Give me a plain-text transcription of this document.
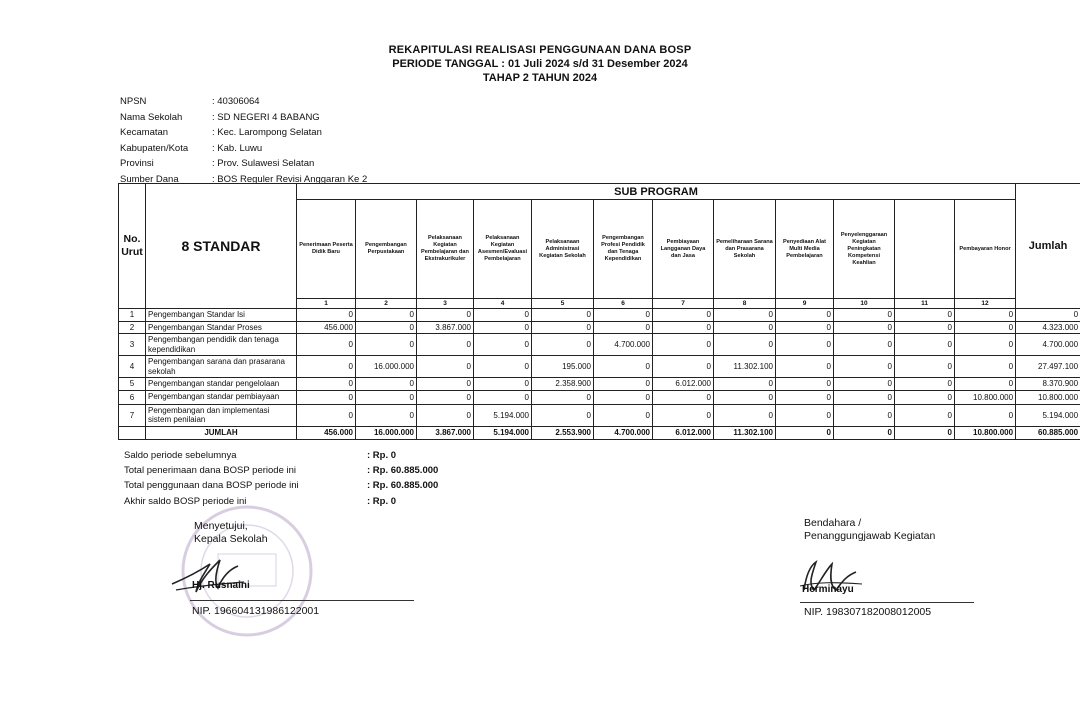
REKAPITULASI REALISASI PENGGUNAAN DANA BOSP
PERIODE TANGGAL : 01 Juli 2024 s/d 31 Desember 2024
TAHAP 2 TAHUN 2024
NPSN	: 40306064
Nama Sekolah	: SD NEGERI 4 BABANG
Kecamatan	: Kec. Larompong Selatan
Kabupaten/Kota	: Kab. Luwu
Provinsi	: Prov. Sulawesi Selatan
Sumber Dana	: BOS Reguler Revisi Anggaran Ke 2
No. Urut	8 STANDAR	SUB PROGRAM												Jumlah
		Penerimaan Peserta Didik Baru	Pengembangan Perpustakaan	Pelaksanaan Kegiatan Pembelajaran dan Ekstrakurikuler	Pelaksanaan Kegiatan Asesmen/Evaluasi Pembelajaran	Pelaksanaan Administrasi Kegiatan Sekolah	Pengembangan Profesi Pendidik dan Tenaga Kependidikan	Pembiayaan Langganan Daya dan Jasa	Pemeliharaan Sarana dan Prasarana Sekolah	Penyediaan Alat Multi Media Pembelajaran	Penyelenggaraan Kegiatan Peningkatan Kompetensi Keahlian		Pembayaran Honor	
		1	2	3	4	5	6	7	8	9	10	11	12	
1	Pengembangan Standar Isi	0	0	0	0	0	0	0	0	0	0	0	0	0
2	Pengembangan Standar Proses	456.000	0	3.867.000	0	0	0	0	0	0	0	0	0	4.323.000
3	Pengembangan pendidik dan tenaga kependidikan	0	0	0	0	0	4.700.000	0	0	0	0	0	0	4.700.000
4	Pengembangan sarana dan prasarana sekolah	0	16.000.000	0	0	195.000	0	0	11.302.100	0	0	0	0	27.497.100
5	Pengembangan standar pengelolaan	0	0	0	0	2.358.900	0	6.012.000	0	0	0	0	0	8.370.900
6	Pengembangan standar pembiayaan	0	0	0	0	0	0	0	0	0	0	0	10.800.000	10.800.000
7	Pengembangan dan implementasi sistem penilaian	0	0	0	5.194.000	0	0	0	0	0	0	0	0	5.194.000
	JUMLAH	456.000	16.000.000	3.867.000	5.194.000	2.553.900	4.700.000	6.012.000	11.302.100	0	0	0	10.800.000	60.885.000
Saldo periode sebelumnya	: Rp. 0
Total penerimaan dana BOSP periode ini	: Rp. 60.885.000
Total penggunaan dana BOSP periode ini	: Rp. 60.885.000
Akhir saldo BOSP periode ini	: Rp. 0
Menyetujui,
Kepala Sekolah
Hj. Rusnaini
NIP. 196604131986122001
Bendahara /
Penanggungjawab Kegiatan
Herminayu
NIP. 198307182008012005
